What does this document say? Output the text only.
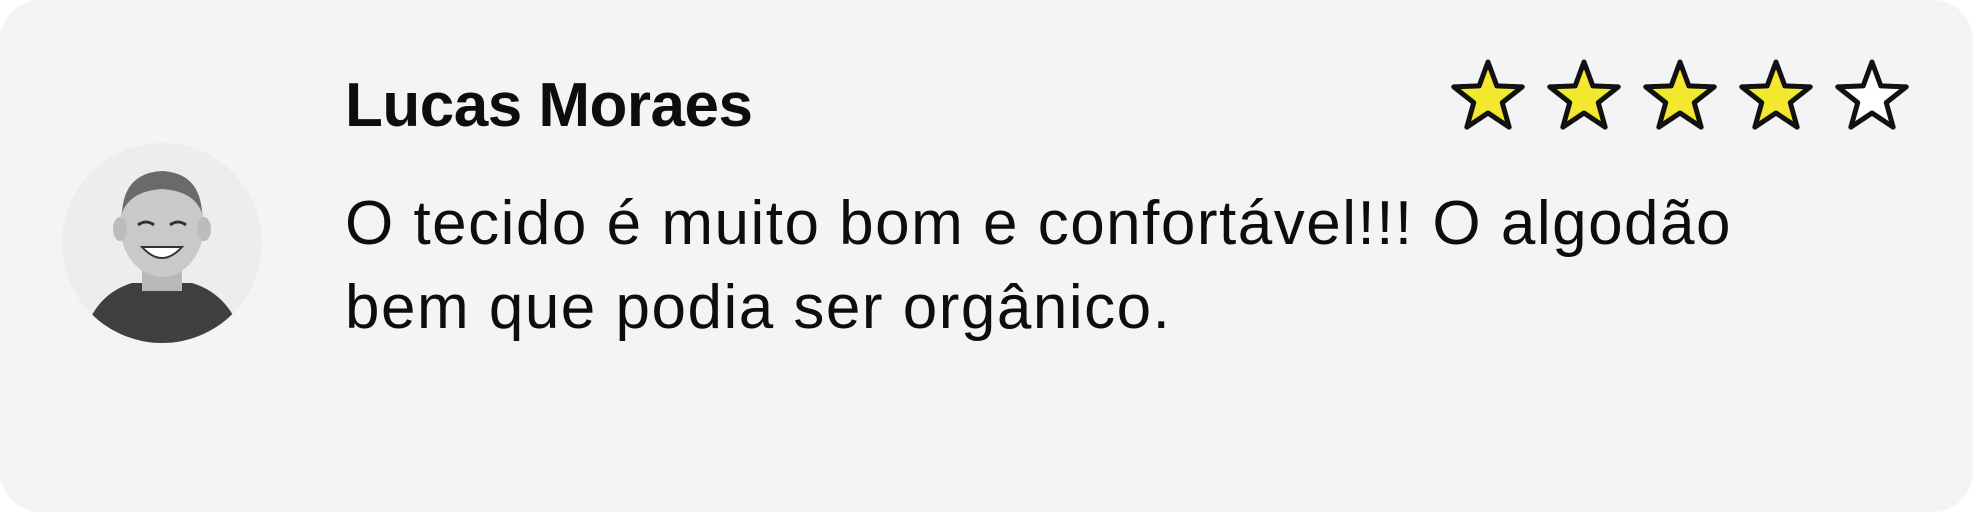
Lucas Moraes
O tecido é muito bom e confortável!!! O algodão bem que podia ser orgânico.
